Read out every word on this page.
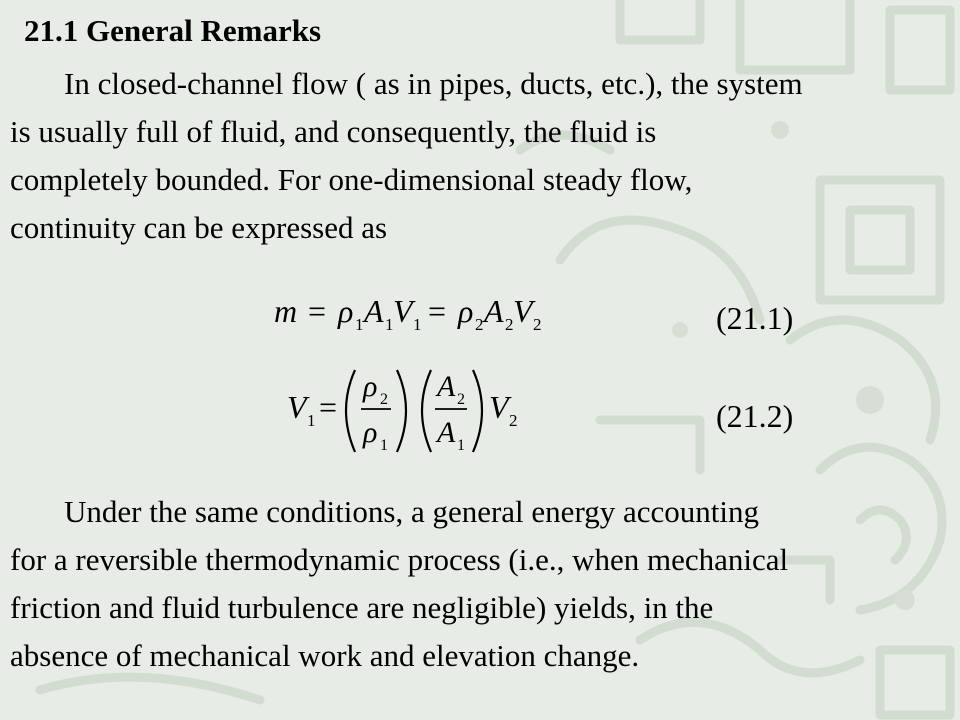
21.1 General Remarks
In closed-channel flow ( as in pipes, ducts, etc.), the system
is usually full of fluid, and consequently, the fluid is
completely bounded. For one-dimensional steady flow,
continuity can be expressed as
m = ρ 1 A 1 V 1 = ρ 2 A 2 V 2	(21.1)
V 1 =
ρ 2
ρ 1
A 2
A 1
V 2	(21.2)
Under the same conditions, a general energy accounting
for a reversible thermodynamic process (i.e., when mechanical
friction and fluid turbulence are negligible) yields, in the
absence of mechanical work and elevation change.
